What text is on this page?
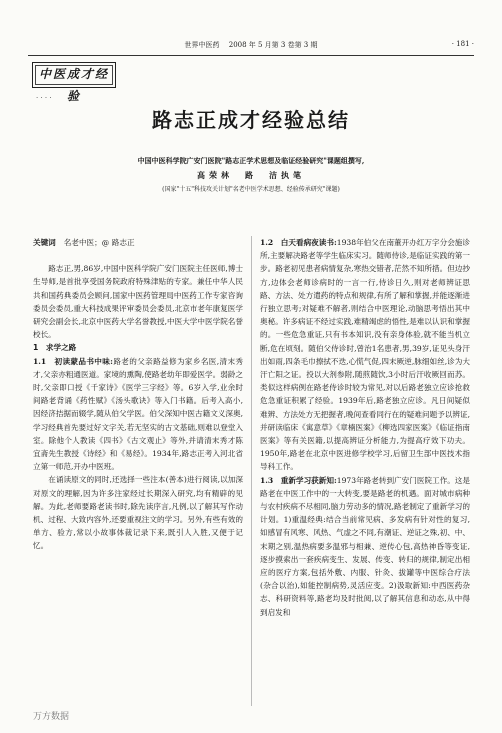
世界中医药　 2008 年 5 月第 3 卷第 3 期	· 181 ·
中医成才经验
· · · ·
路志正成才经验总结
中国中医科学院广安门医院"路志正学术思想及临证经验研究"课题组撰写,
高荣林　路　洁执笔
(国家"十五"科技攻关计划"名老中医学术思想、经验传承研究"课题)

关键词 名老中医；@ 路志正

路志正,男,86岁,中国中医科学院广安门医院主任医师,博士生导师,是首批享受国务院政府特殊津贴的专家。兼任中华人民共和国药典委员会顾问,国家中医药管理局中医药工作专家咨询委员会委员,重大科技成果评审委员会委员,北京市老年康复医学研究会副会长,北京中医药大学名誉教授,中医大学中医学院名誉校长。

1　求学之路

1.1　初读蒙品书中味:路老的父亲路益修为家乡名医,清末秀才,父亲亦粗通医道。家境的熏陶,使路老幼年即爱医学。弱龄之时,父亲即口授《千家诗》《医学三字经》等。6岁入学,业余时间路老背诵《药性赋》《汤头歌诀》等入门书籍。后考入高小,因经济拮据而辍学,随从伯父学医。伯父深知中医古籍文义深奥,学习经典首先要过好文字关,若无坚实的古文基础,则难以登堂入室。除他个人教读《四书》《古文观止》等外,并请清末秀才陈宜斋先生教授《诗经》和《易经》。1934年,路志正考入河北省立第一师范,开办中医班。

在诵读原文的同时,还选择一些注本(善本)进行阅读,以加深对原文的理解,因为许多注家经过长期深入研究,均有精辟的见解。为此,老师要路老读书时,除先读序言,凡例,以了解其写作动机、过程、大致内容外,还要重视注文的学习。另外,有些有效的单方、验方,常以小故事体裁记录下来,既引人入胜,又便于记忆。

1.2　白天看病夜读书:1938年伯父在南董开办红万字分会施诊所,主要解决路老等学生临床实习。随师侍诊,是临证实践的第一步。路老初见患者病情复杂,寒热交错者,茫然不知所措。但边抄方,边体会老师诊病时的一言一行,侍诊日久,则对老师辨证思路、方法、处方遣药的特点和规律,有所了解和掌握,并能逐渐进行独立思考;对疑难不解者,则结合中医理论,动脑思考悟出其中奥秘。许多病证不经过实践,难精竭虑的悟性,是难以认识和掌握的。一些危急重证,只有书本知识,没有亲身体验,就不能当机立断,危在顷刻。随伯父侍诊时,曾治1名患者,男,39岁,证见头身汗出如雨,四条毛巾擦拭不迭,心慌气促,四末厥逆,脉细如丝,诊为大汗亡阳之证。投以大剂参附,随煎随饮,3小时后汗收厥回而苏。类似这样病例在路老侍诊时较为常见,对以后路老独立应诊抢救危急重证积累了经验。1939年后,路老独立应诊。凡日间疑似难辨、方法处方无把握者,晚间查看同行在的疑难问题予以辨证,并研读临床《寓意草》《章楠医案》《柳选四家医案》《临证指南医案》等有关医籍,以提高辨证分析能力,为提高疗效下功夫。1950年,路老在北京中医进修学校学习,后留卫生部中医技术指导科工作。

1.3　重新学习获新知:1973年路老转到广安门医院工作。这是路老在中医工作中的一大转变,要是路老的机遇。面对城市病种与农村疾病不尽相同,脑力劳动多的情况,路老制定了重新学习的计划。1)重温经典:结合当前常见病、多发病有针对性的复习,如感冒有风寒、风热、气虚之不同,有潮证、逆证之殊,初、中、末期之别,温热病要多温邪与相兼、逆传心包,高热神昏等变证,逐步摸索出一套疾病变生、发展、传变、转归的规律,制定出相应的医疗方案,包括外敷、内服、针灸、拔罐等中医综合疗法(杂合以治),如能控制病势,灵活应变。2)汲取新知:中西医药杂志、科研资料等,路老均及时批阅,以了解其信息和动态,从中得到启发和

万方数据
